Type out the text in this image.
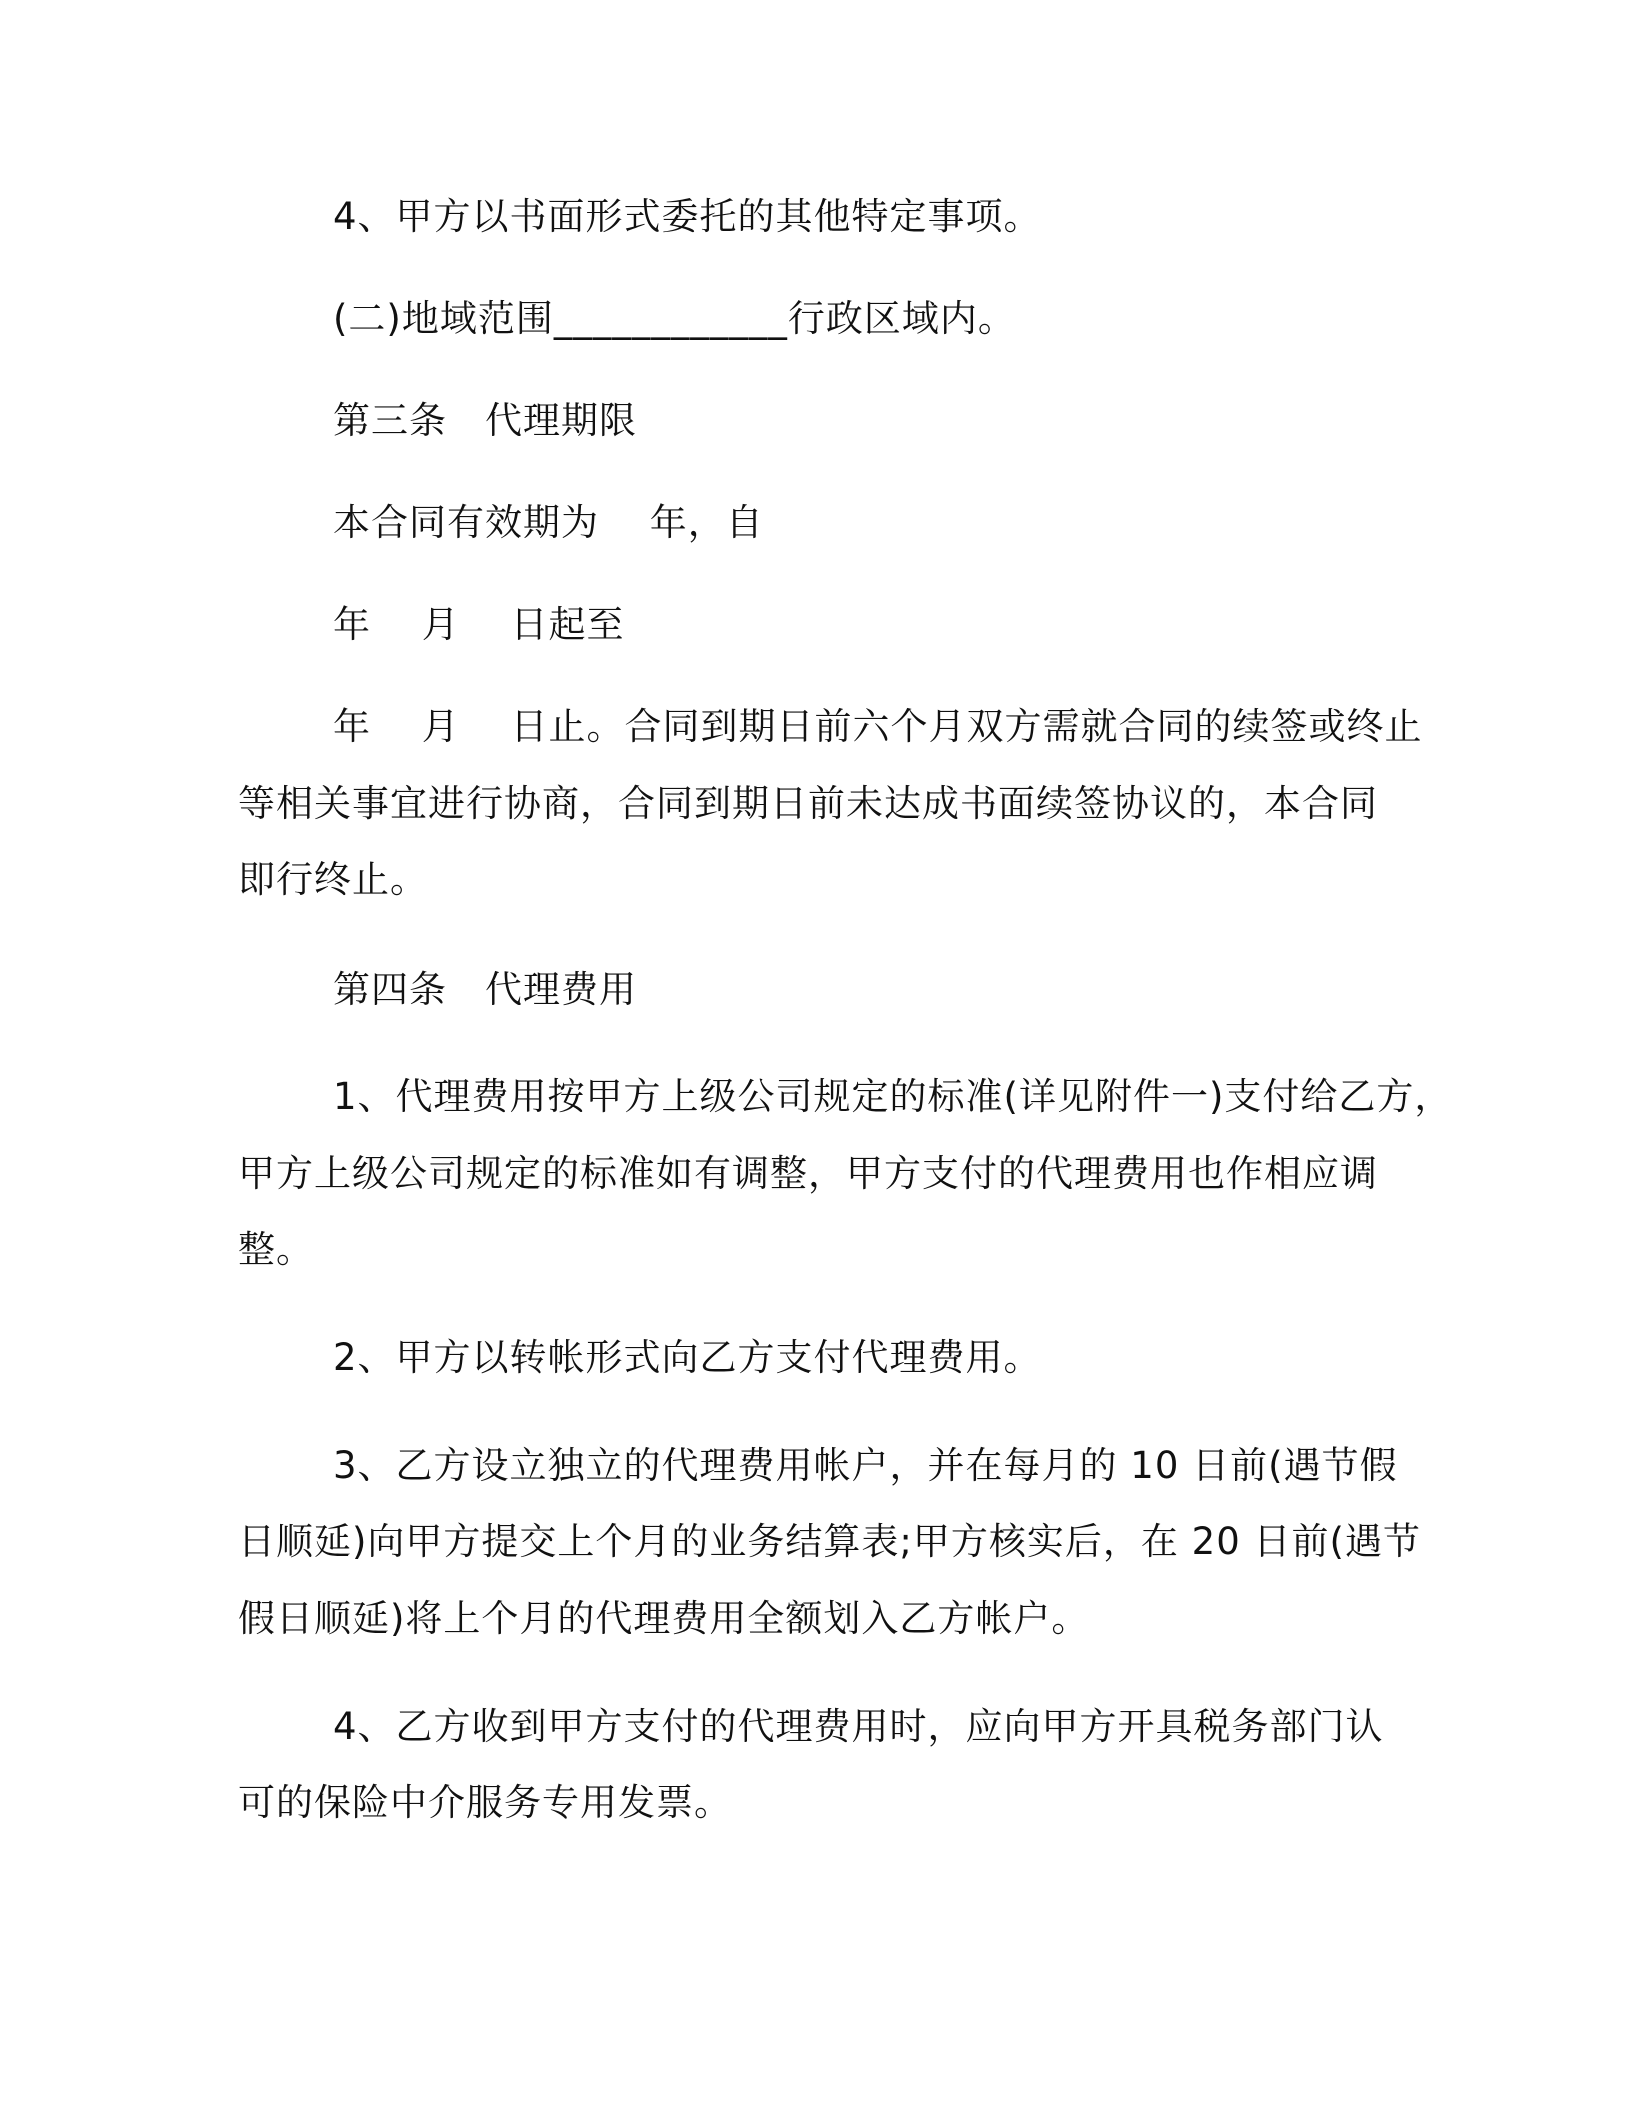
4、甲方以书面形式委托的其他特定事项。
(二)地域范围____________行政区域内。
第三条　代理期限
本合同有效期为　 年，自
年　 月　 日起至
年　 月　 日止。合同到期日前六个月双方需就合同的续签或终止
等相关事宜进行协商，合同到期日前未达成书面续签协议的，本合同
即行终止。
第四条　代理费用
1、代理费用按甲方上级公司规定的标准(详见附件一)支付给乙方，
甲方上级公司规定的标准如有调整，甲方支付的代理费用也作相应调
整。
2、甲方以转帐形式向乙方支付代理费用。
3、乙方设立独立的代理费用帐户，并在每月的 10 日前(遇节假
日顺延)向甲方提交上个月的业务结算表;甲方核实后，在 20 日前(遇节
假日顺延)将上个月的代理费用全额划入乙方帐户。
4、乙方收到甲方支付的代理费用时，应向甲方开具税务部门认
可的保险中介服务专用发票。
